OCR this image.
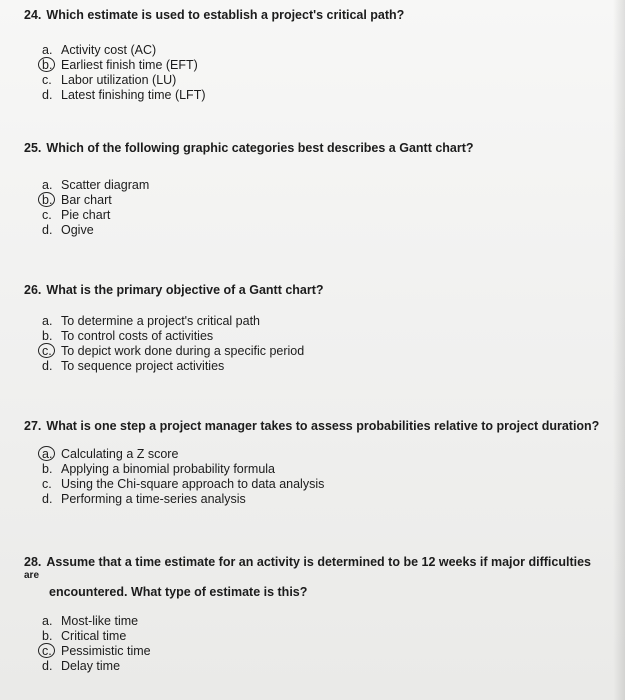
24. Which estimate is used to establish a project's critical path?

a. Activity cost (AC)
b. Earliest finish time (EFT)
c. Labor utilization (LU)
d. Latest finishing time (LFT)

25. Which of the following graphic categories best describes a Gantt chart?

a. Scatter diagram
b. Bar chart
c. Pie chart
d. Ogive

26. What is the primary objective of a Gantt chart?

a. To determine a project's critical path
b. To control costs of activities
c. To depict work done during a specific period
d. To sequence project activities

27. What is one step a project manager takes to assess probabilities relative to project duration?

a. Calculating a Z score
b. Applying a binomial probability formula
c. Using the Chi-square approach to data analysis
d. Performing a time-series analysis

28. Assume that a time estimate for an activity is determined to be 12 weeks if major difficulties $^{are}$
encountered. What type of estimate is this?

a. Most-like time
b. Critical time
c. Pessimistic time
d. Delay time
